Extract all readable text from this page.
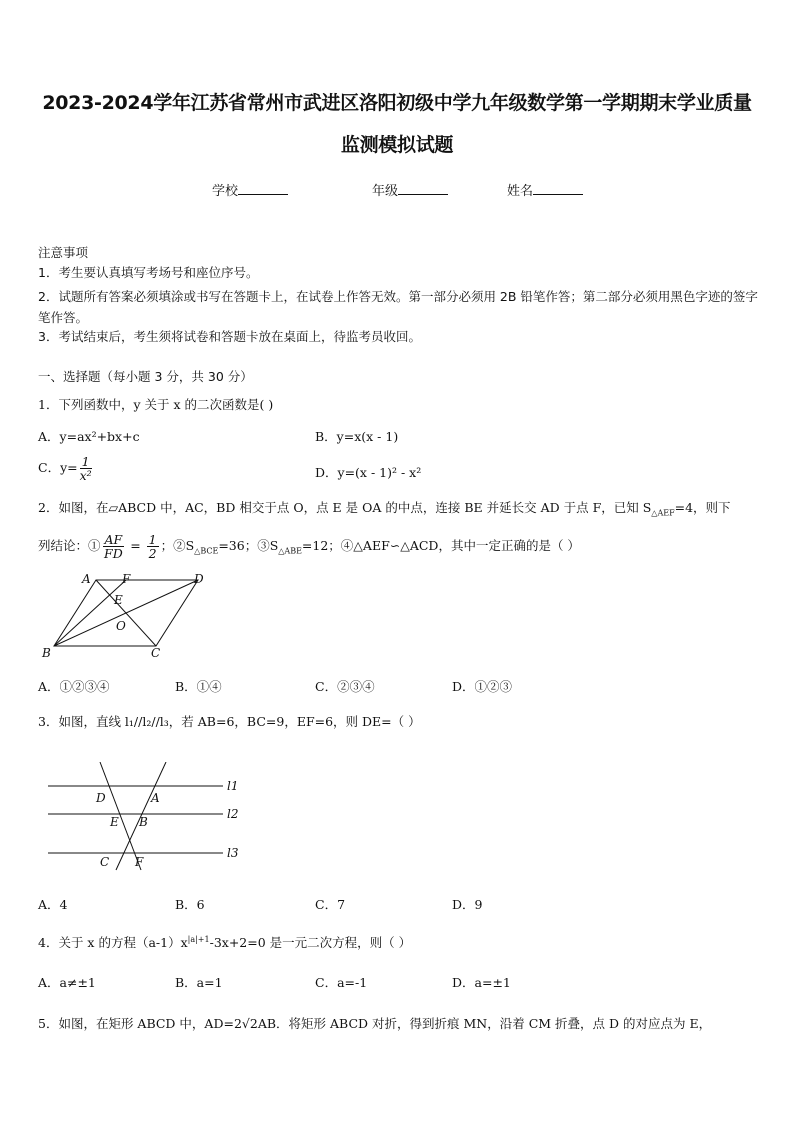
2023-2024学年江苏省常州市武进区洛阳初级中学九年级数学第一学期期末学业质量
监测模拟试题
学校	年级	姓名
注意事项
1．考生要认真填写考场号和座位序号。
2．试题所有答案必须填涂或书写在答题卡上，在试卷上作答无效。第一部分必须用 2B 铅笔作答；第二部分必须用黑色字迹的签字笔作答。
3．考试结束后，考生须将试卷和答题卡放在桌面上，待监考员收回。
一、选择题（每小题 3 分，共 30 分）
1．下列函数中，y 关于 x 的二次函数是( )
A．y=ax²+bx+c	B．y=x(x - 1)
C．$y= \frac{1}{\text{x²}}$	D．y=(x - 1)² - x²
2．如图，在▱ABCD 中，AC，BD 相交于点 O，点 E 是 OA 的中点，连接 BE 并延长交 AD 于点 F，已知 $S_{\triangle AEF}=4$，则下
列结论：① $\frac{AF}{FD} = \frac{1}{2}$ ；$②S_{\triangle BCE}=36$；$③S_{\triangle ABE}=12$；④△AEF∽△ACD，其中一定正确的是（ ）
A	F	D
E
O
B	C
A．①②③④	B．①④	C．②③④	D．①②③
3．如图，直线 l₁//l₂//l₃，若 AB=6，BC=9，EF=6，则 DE=（ ）
D	A
E B
C F
l1
l2
l3
A．4	B．6	C．7	D．9
4．关于 x 的方程$(a-1)x^{|a|+1}-3x+2=0$ 是一元二次方程，则（ ）
A．a≠±1	B．a=1	C．a=-1	D．a=±1
5．如图，在矩形 ABCD 中，AD=2√2AB．将矩形 ABCD 对折，得到折痕 MN，沿着 CM 折叠，点 D 的对应点为 E，
